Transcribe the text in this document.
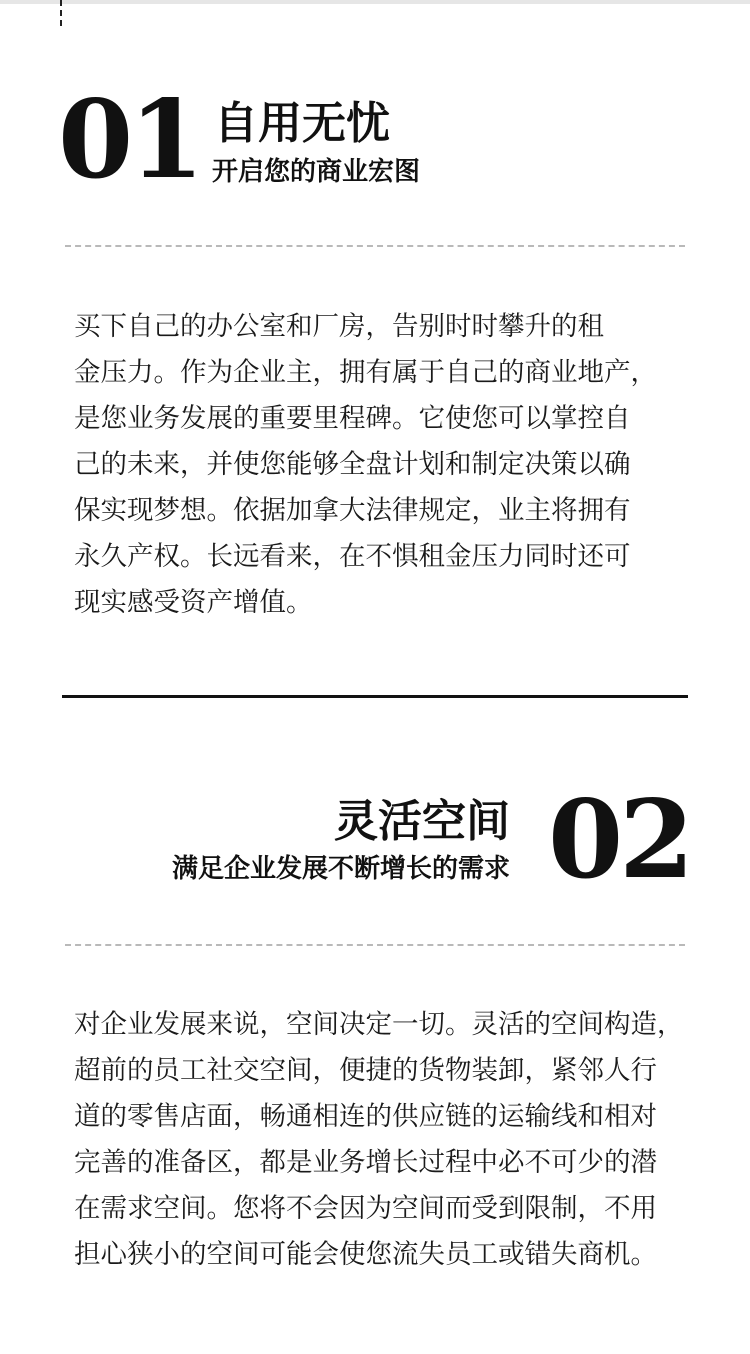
01 自用无忧
开启您的商业宏图

买下自己的办公室和厂房，告别时时攀升的租
金压力。作为企业主，拥有属于自己的商业地产，
是您业务发展的重要里程碑。它使您可以掌控自
己的未来，并使您能够全盘计划和制定决策以确
保实现梦想。依据加拿大法律规定，业主将拥有
永久产权。长远看来，在不惧租金压力同时还可
现实感受资产增值。

灵活空间
满足企业发展不断增长的需求 02

对企业发展来说，空间决定一切。灵活的空间构造，
超前的员工社交空间，便捷的货物装卸，紧邻人行
道的零售店面，畅通相连的供应链的运输线和相对
完善的准备区，都是业务增长过程中必不可少的潜
在需求空间。您将不会因为空间而受到限制，不用
担心狭小的空间可能会使您流失员工或错失商机。
